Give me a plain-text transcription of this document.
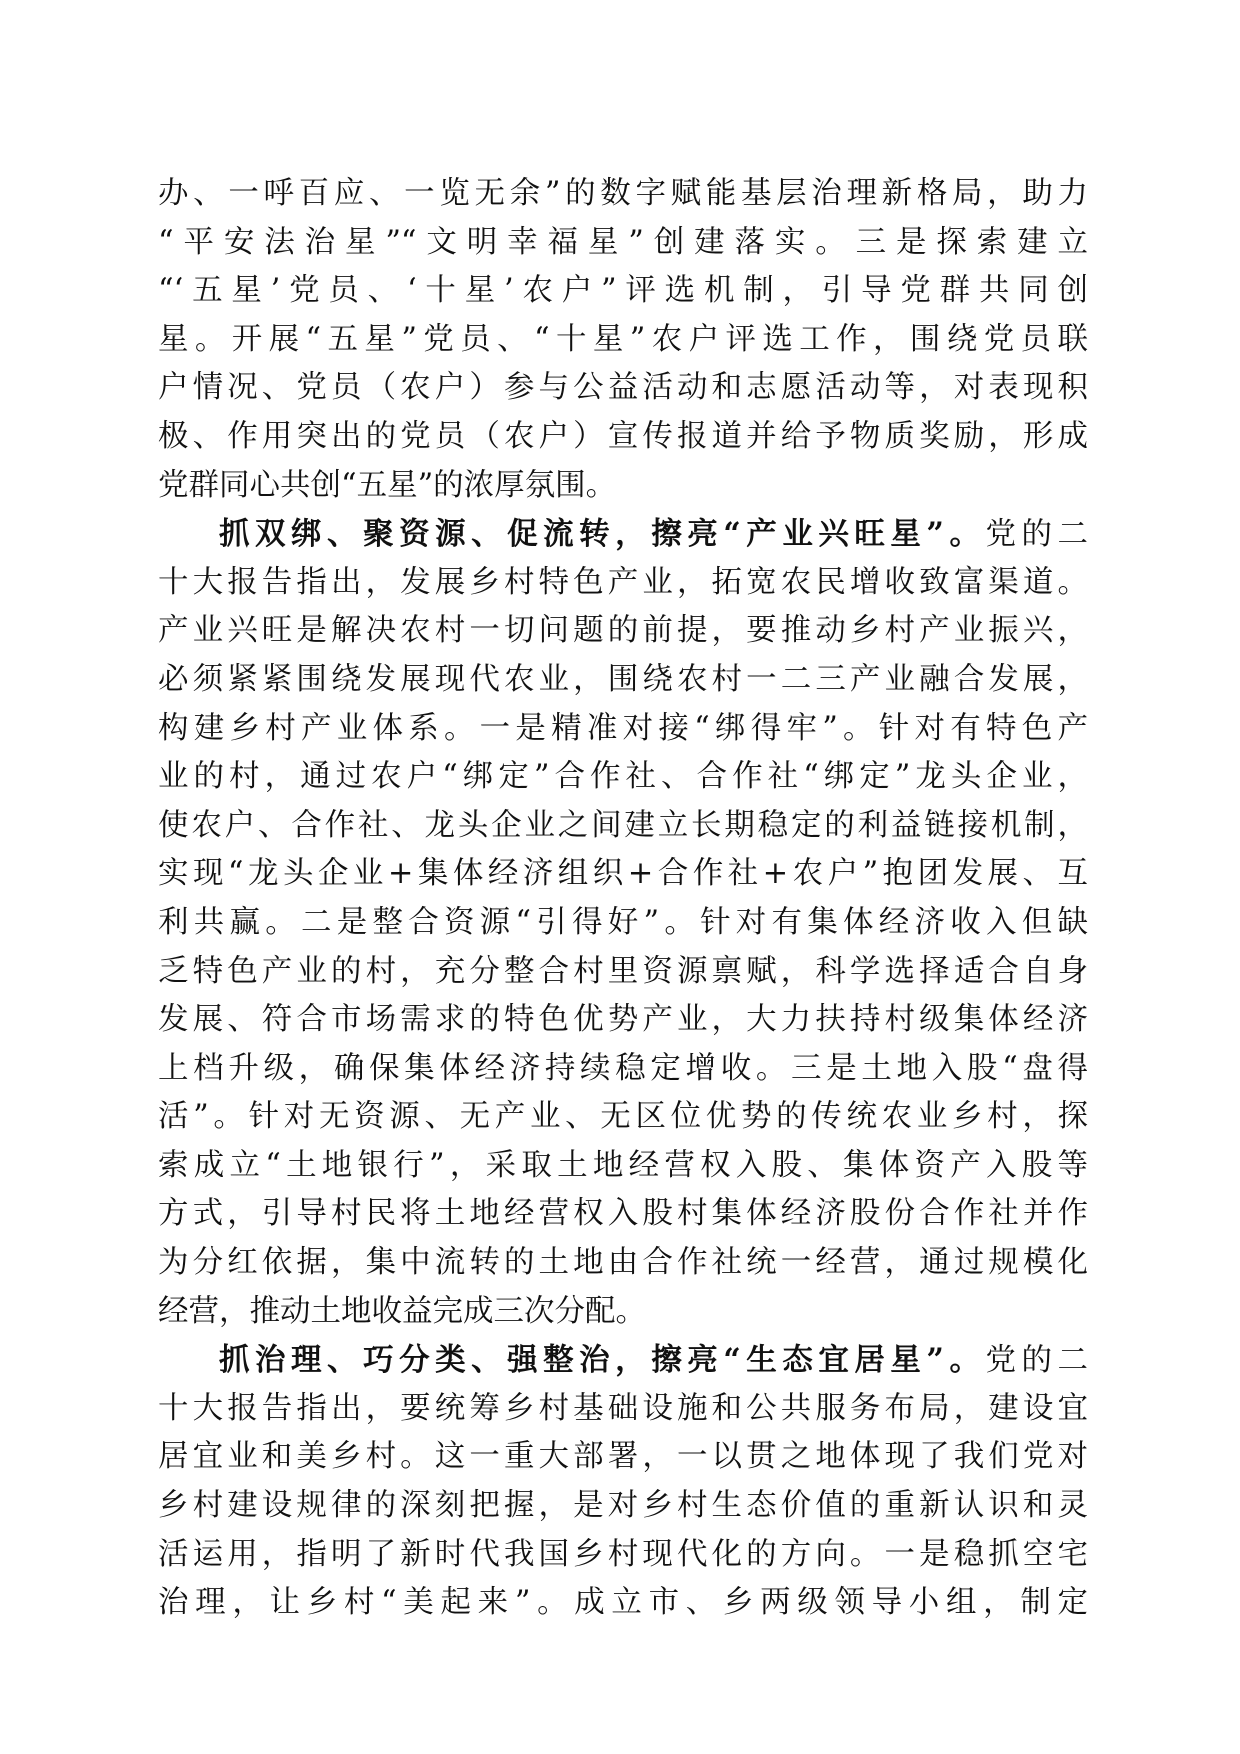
办、一呼百应、一览无余”的数字赋能基层治理新格局，助力
“平安法治星”“文明幸福星”创建落实。三是探索建立
“‘五星’党员、‘十星’农户”评选机制，引导党群共同创
星。开展“五星”党员、“十星”农户评选工作，围绕党员联
户情况、党员（农户）参与公益活动和志愿活动等，对表现积
极、作用突出的党员（农户）宣传报道并给予物质奖励，形成
党群同心共创“五星”的浓厚氛围。
抓双绑、聚资源、促流转，擦亮“产业兴旺星”。党的二
十大报告指出，发展乡村特色产业，拓宽农民增收致富渠道。
产业兴旺是解决农村一切问题的前提，要推动乡村产业振兴，
必须紧紧围绕发展现代农业，围绕农村一二三产业融合发展，
构建乡村产业体系。一是精准对接“绑得牢”。针对有特色产
业的村，通过农户“绑定”合作社、合作社“绑定”龙头企业，
使农户、合作社、龙头企业之间建立长期稳定的利益链接机制，
实现“龙头企业+集体经济组织+合作社+农户”抱团发展、互
利共赢。二是整合资源“引得好”。针对有集体经济收入但缺
乏特色产业的村，充分整合村里资源禀赋，科学选择适合自身
发展、符合市场需求的特色优势产业，大力扶持村级集体经济
上档升级，确保集体经济持续稳定增收。三是土地入股“盘得
活”。针对无资源、无产业、无区位优势的传统农业乡村，探
索成立“土地银行”，采取土地经营权入股、集体资产入股等
方式，引导村民将土地经营权入股村集体经济股份合作社并作
为分红依据，集中流转的土地由合作社统一经营，通过规模化
经营，推动土地收益完成三次分配。
抓治理、巧分类、强整治，擦亮“生态宜居星”。党的二
十大报告指出，要统筹乡村基础设施和公共服务布局，建设宜
居宜业和美乡村。这一重大部署，一以贯之地体现了我们党对
乡村建设规律的深刻把握，是对乡村生态价值的重新认识和灵
活运用，指明了新时代我国乡村现代化的方向。一是稳抓空宅
治理，让乡村“美起来”。成立市、乡两级领导小组，制定
